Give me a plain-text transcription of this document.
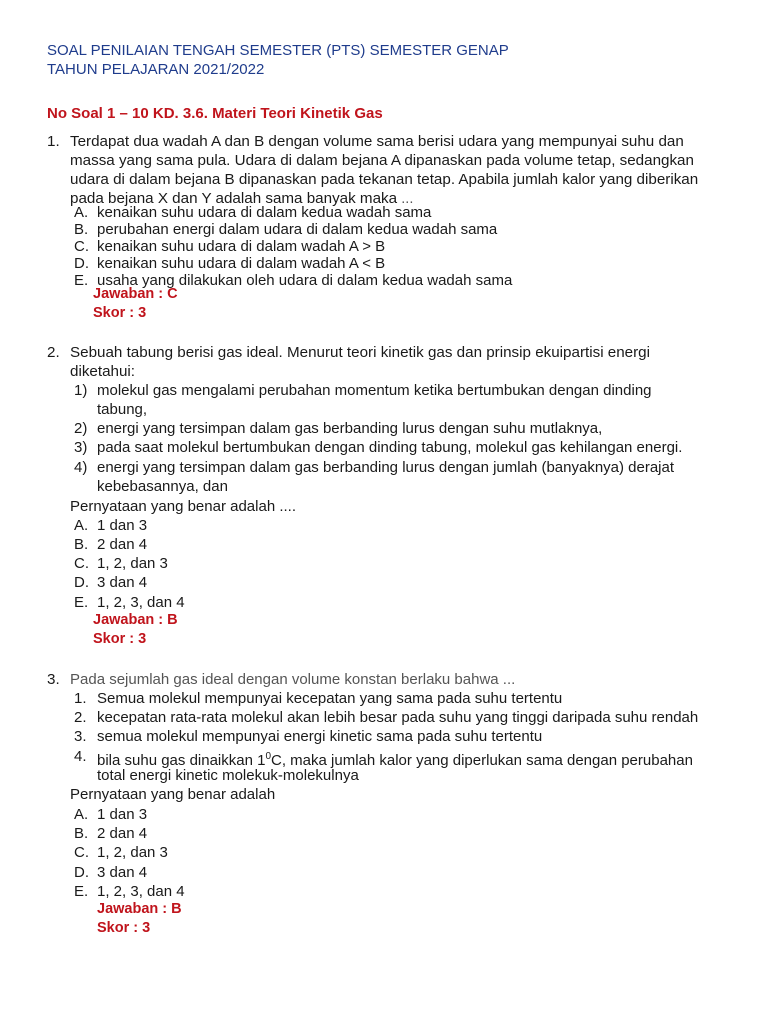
SOAL PENILAIAN TENGAH SEMESTER (PTS) SEMESTER GENAP
TAHUN PELAJARAN 2021/2022
No Soal 1 – 10 KD. 3.6. Materi Teori Kinetik Gas
1. Terdapat dua wadah A dan B dengan volume sama berisi udara yang mempunyai suhu dan
massa yang sama pula. Udara di dalam bejana A dipanaskan pada volume tetap, sedangkan
udara di dalam bejana B dipanaskan pada tekanan tetap. Apabila jumlah kalor yang diberikan
pada bejana X dan Y adalah sama banyak maka ...
A. kenaikan suhu udara di dalam kedua wadah sama
B. perubahan energi dalam udara di dalam kedua wadah sama
C. kenaikan suhu udara di dalam wadah A > B
D. kenaikan suhu udara di dalam wadah A < B
E. usaha yang dilakukan oleh udara di dalam kedua wadah sama
Jawaban : C
Skor : 3
2. Sebuah tabung berisi gas ideal. Menurut teori kinetik gas dan prinsip ekuipartisi energi
diketahui:
1) molekul gas mengalami perubahan momentum ketika bertumbukan dengan dinding
tabung,
2) energi yang tersimpan dalam gas berbanding lurus dengan suhu mutlaknya,
3) pada saat molekul bertumbukan dengan dinding tabung, molekul gas kehilangan energi.
4) energi yang tersimpan dalam gas berbanding lurus dengan jumlah (banyaknya) derajat
kebebasannya, dan
Pernyataan yang benar adalah ....
A. 1 dan 3
B. 2 dan 4
C. 1, 2, dan 3
D. 3 dan 4
E. 1, 2, 3, dan 4
Jawaban : B
Skor : 3
3. Pada sejumlah gas ideal dengan volume konstan berlaku bahwa ...
1. Semua molekul mempunyai kecepatan yang sama pada suhu tertentu
2. kecepatan rata-rata molekul akan lebih besar pada suhu yang tinggi daripada suhu rendah
3. semua molekul mempunyai energi kinetic sama pada suhu tertentu
4. bila suhu gas dinaikkan $1^0C$, maka jumlah kalor yang diperlukan sama dengan perubahan
total energi kinetic molekuk-molekulnya
Pernyataan yang benar adalah
A. 1 dan 3
B. 2 dan 4
C. 1, 2, dan 3
D. 3 dan 4
E. 1, 2, 3, dan 4
Jawaban : B
Skor : 3
